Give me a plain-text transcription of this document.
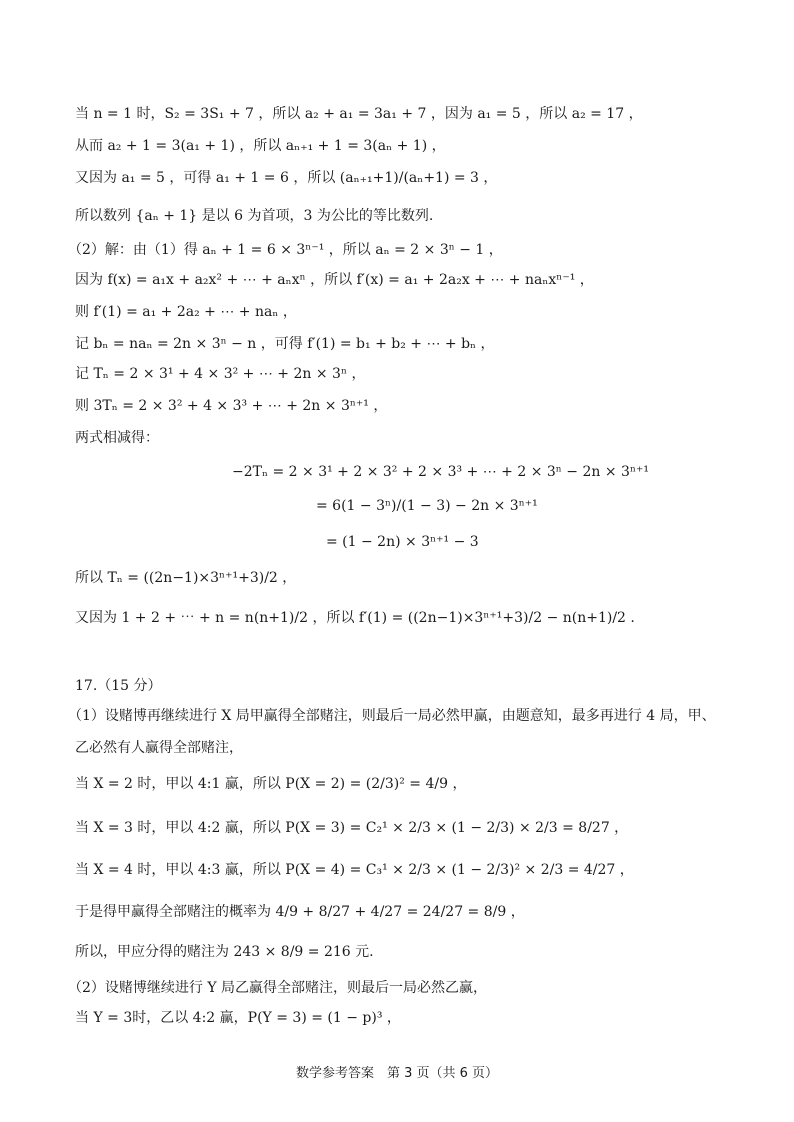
当 n = 1 时，S₂ = 3S₁ + 7 ，所以 a₂ + a₁ = 3a₁ + 7 ，因为 a₁ = 5 ，所以 a₂ = 17 ，
从而 a₂ + 1 = 3(a₁ + 1) ，所以 aₙ₊₁ + 1 = 3(aₙ + 1) ，
又因为 a₁ = 5 ，可得 a₁ + 1 = 6 ，所以 (aₙ₊₁+1)/(aₙ+1) = 3 ，
所以数列 {aₙ + 1} 是以 6 为首项，3 为公比的等比数列.
（2）解：由（1）得 aₙ + 1 = 6 × 3ⁿ⁻¹ ，所以 aₙ = 2 × 3ⁿ − 1 ，
因为 f(x) = a₁x + a₂x² + ⋯ + aₙxⁿ ，所以 f′(x) = a₁ + 2a₂x + ⋯ + naₙxⁿ⁻¹ ，
则 f′(1) = a₁ + 2a₂ + ⋯ + naₙ ，
记 bₙ = naₙ = 2n × 3ⁿ − n ，可得 f′(1) = b₁ + b₂ + ⋯ + bₙ ，
记 Tₙ = 2 × 3¹ + 4 × 3² + ⋯ + 2n × 3ⁿ ，
则 3Tₙ = 2 × 3² + 4 × 3³ + ⋯ + 2n × 3ⁿ⁺¹ ，
两式相减得：
−2Tₙ = 2 × 3¹ + 2 × 3² + 2 × 3³ + ⋯ + 2 × 3ⁿ − 2n × 3ⁿ⁺¹
= 6(1 − 3ⁿ)/(1 − 3) − 2n × 3ⁿ⁺¹
= (1 − 2n) × 3ⁿ⁺¹ − 3
所以 Tₙ = ((2n−1)×3ⁿ⁺¹+3)/2 ，
又因为 1 + 2 + ⋯ + n = n(n+1)/2 ，所以 f′(1) = ((2n−1)×3ⁿ⁺¹+3)/2 − n(n+1)/2 .
17.（15 分）
（1）设赌博再继续进行 X 局甲赢得全部赌注，则最后一局必然甲赢，由题意知，最多再进行 4 局，甲、
乙必然有人赢得全部赌注，
当 X = 2 时，甲以 4:1 赢，所以 P(X = 2) = (2/3)² = 4/9 ，
当 X = 3 时，甲以 4:2 赢，所以 P(X = 3) = C₂¹ × 2/3 × (1 − 2/3) × 2/3 = 8/27 ，
当 X = 4 时，甲以 4:3 赢，所以 P(X = 4) = C₃¹ × 2/3 × (1 − 2/3)² × 2/3 = 4/27 ，
于是得甲赢得全部赌注的概率为 4/9 + 8/27 + 4/27 = 24/27 = 8/9 ，
所以，甲应分得的赌注为 243 × 8/9 = 216 元.
（2）设赌博继续进行 Y 局乙赢得全部赌注，则最后一局必然乙赢，
当 Y = 3时，乙以 4:2 赢，P(Y = 3) = (1 − p)³ ，
数学参考答案　第 3 页（共 6 页）
